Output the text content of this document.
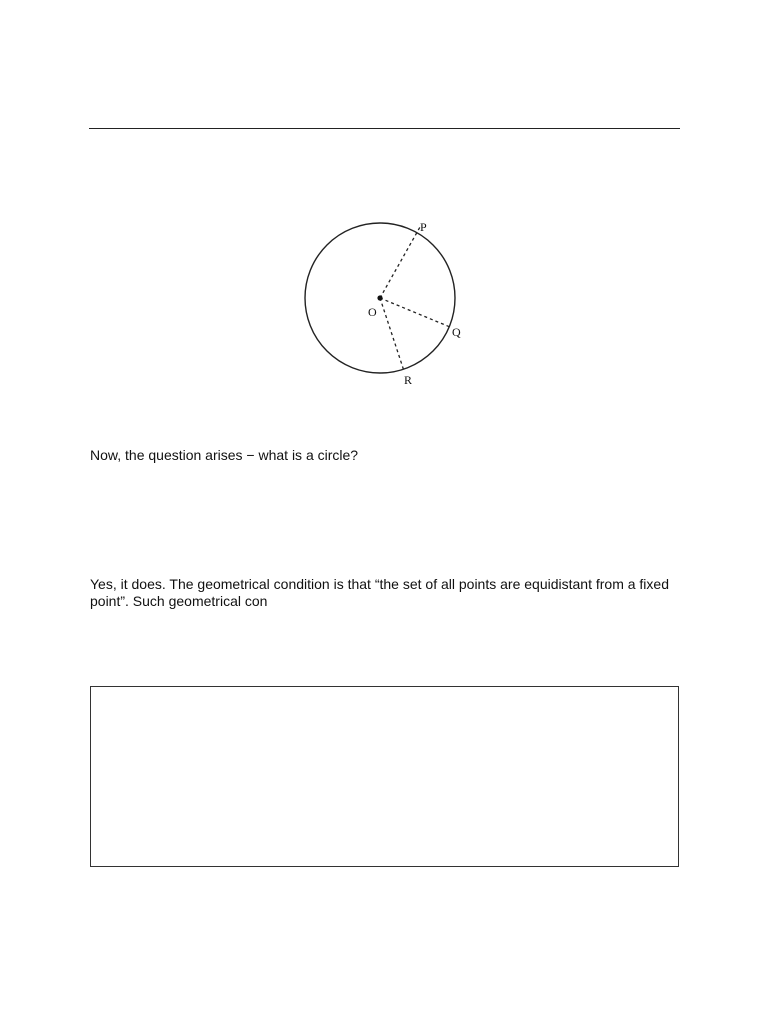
O
P
Q
R

Now, the question arises − what is a circle?

Yes, it does. The geometrical condition is that “the set of all points are equidistant from a fixed point”. Such geometrical con
